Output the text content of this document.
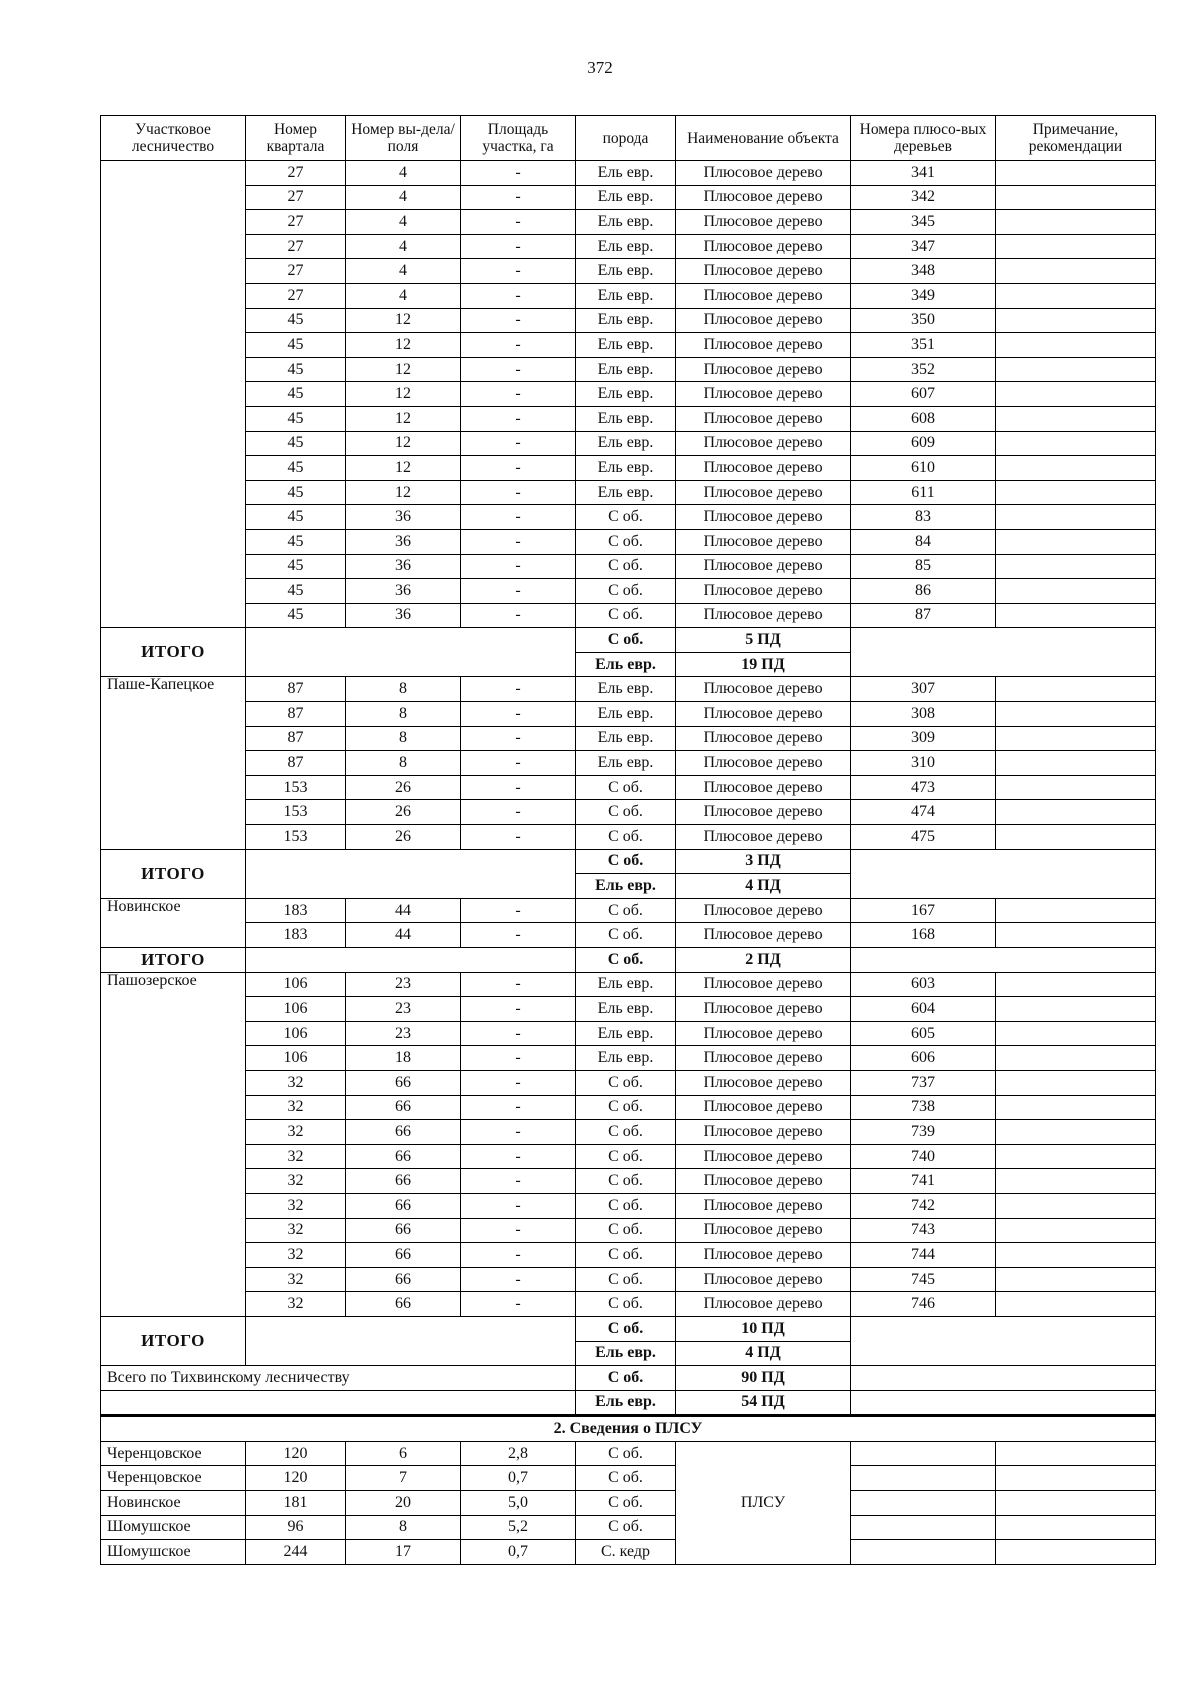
372
Участковое лесничество	Номер квартала	Номер вы-дела/ поля	Площадь участка, га	порода	Наименование объекта	Номера плюсо-вых деревьев	Примечание, рекомендации
	27	4	-	Ель евр.	Плюсовое дерево	341	
	27	4	-	Ель евр.	Плюсовое дерево	342	
	27	4	-	Ель евр.	Плюсовое дерево	345	
	27	4	-	Ель евр.	Плюсовое дерево	347	
	27	4	-	Ель евр.	Плюсовое дерево	348	
	27	4	-	Ель евр.	Плюсовое дерево	349	
	45	12	-	Ель евр.	Плюсовое дерево	350	
	45	12	-	Ель евр.	Плюсовое дерево	351	
	45	12	-	Ель евр.	Плюсовое дерево	352	
	45	12	-	Ель евр.	Плюсовое дерево	607	
	45	12	-	Ель евр.	Плюсовое дерево	608	
	45	12	-	Ель евр.	Плюсовое дерево	609	
	45	12	-	Ель евр.	Плюсовое дерево	610	
	45	12	-	Ель евр.	Плюсовое дерево	611	
	45	36	-	С об.	Плюсовое дерево	83	
	45	36	-	С об.	Плюсовое дерево	84	
	45	36	-	С об.	Плюсовое дерево	85	
	45	36	-	С об.	Плюсовое дерево	86	
	45	36	-	С об.	Плюсовое дерево	87	
ИТОГО				С об.	5 ПД		
				Ель евр.	19 ПД		
Паше-Капецкое	87	8	-	Ель евр.	Плюсовое дерево	307	
	87	8	-	Ель евр.	Плюсовое дерево	308	
	87	8	-	Ель евр.	Плюсовое дерево	309	
	87	8	-	Ель евр.	Плюсовое дерево	310	
	153	26	-	С об.	Плюсовое дерево	473	
	153	26	-	С об.	Плюсовое дерево	474	
	153	26	-	С об.	Плюсовое дерево	475	
ИТОГО				С об.	3 ПД		
				Ель евр.	4 ПД		
Новинское	183	44	-	С об.	Плюсовое дерево	167	
	183	44	-	С об.	Плюсовое дерево	168	
ИТОГО				С об.	2 ПД		
Пашозерское	106	23	-	Ель евр.	Плюсовое дерево	603	
	106	23	-	Ель евр.	Плюсовое дерево	604	
	106	23	-	Ель евр.	Плюсовое дерево	605	
	106	18	-	Ель евр.	Плюсовое дерево	606	
	32	66	-	С об.	Плюсовое дерево	737	
	32	66	-	С об.	Плюсовое дерево	738	
	32	66	-	С об.	Плюсовое дерево	739	
	32	66	-	С об.	Плюсовое дерево	740	
	32	66	-	С об.	Плюсовое дерево	741	
	32	66	-	С об.	Плюсовое дерево	742	
	32	66	-	С об.	Плюсовое дерево	743	
	32	66	-	С об.	Плюсовое дерево	744	
	32	66	-	С об.	Плюсовое дерево	745	
	32	66	-	С об.	Плюсовое дерево	746	
ИТОГО				С об.	10 ПД		
				Ель евр.	4 ПД		
Всего по Тихвинскому лесничеству				С об.	90 ПД		
				Ель евр.	54 ПД		
2. Сведения о ПЛСУ							
Черенцовское	120	6	2,8	С об.	ПЛСУ		
Черенцовское	120	7	0,7	С об.			
Новинское	181	20	5,0	С об.			
Шомушское	96	8	5,2	С об.			
Шомушское	244	17	0,7	С. кедр			
